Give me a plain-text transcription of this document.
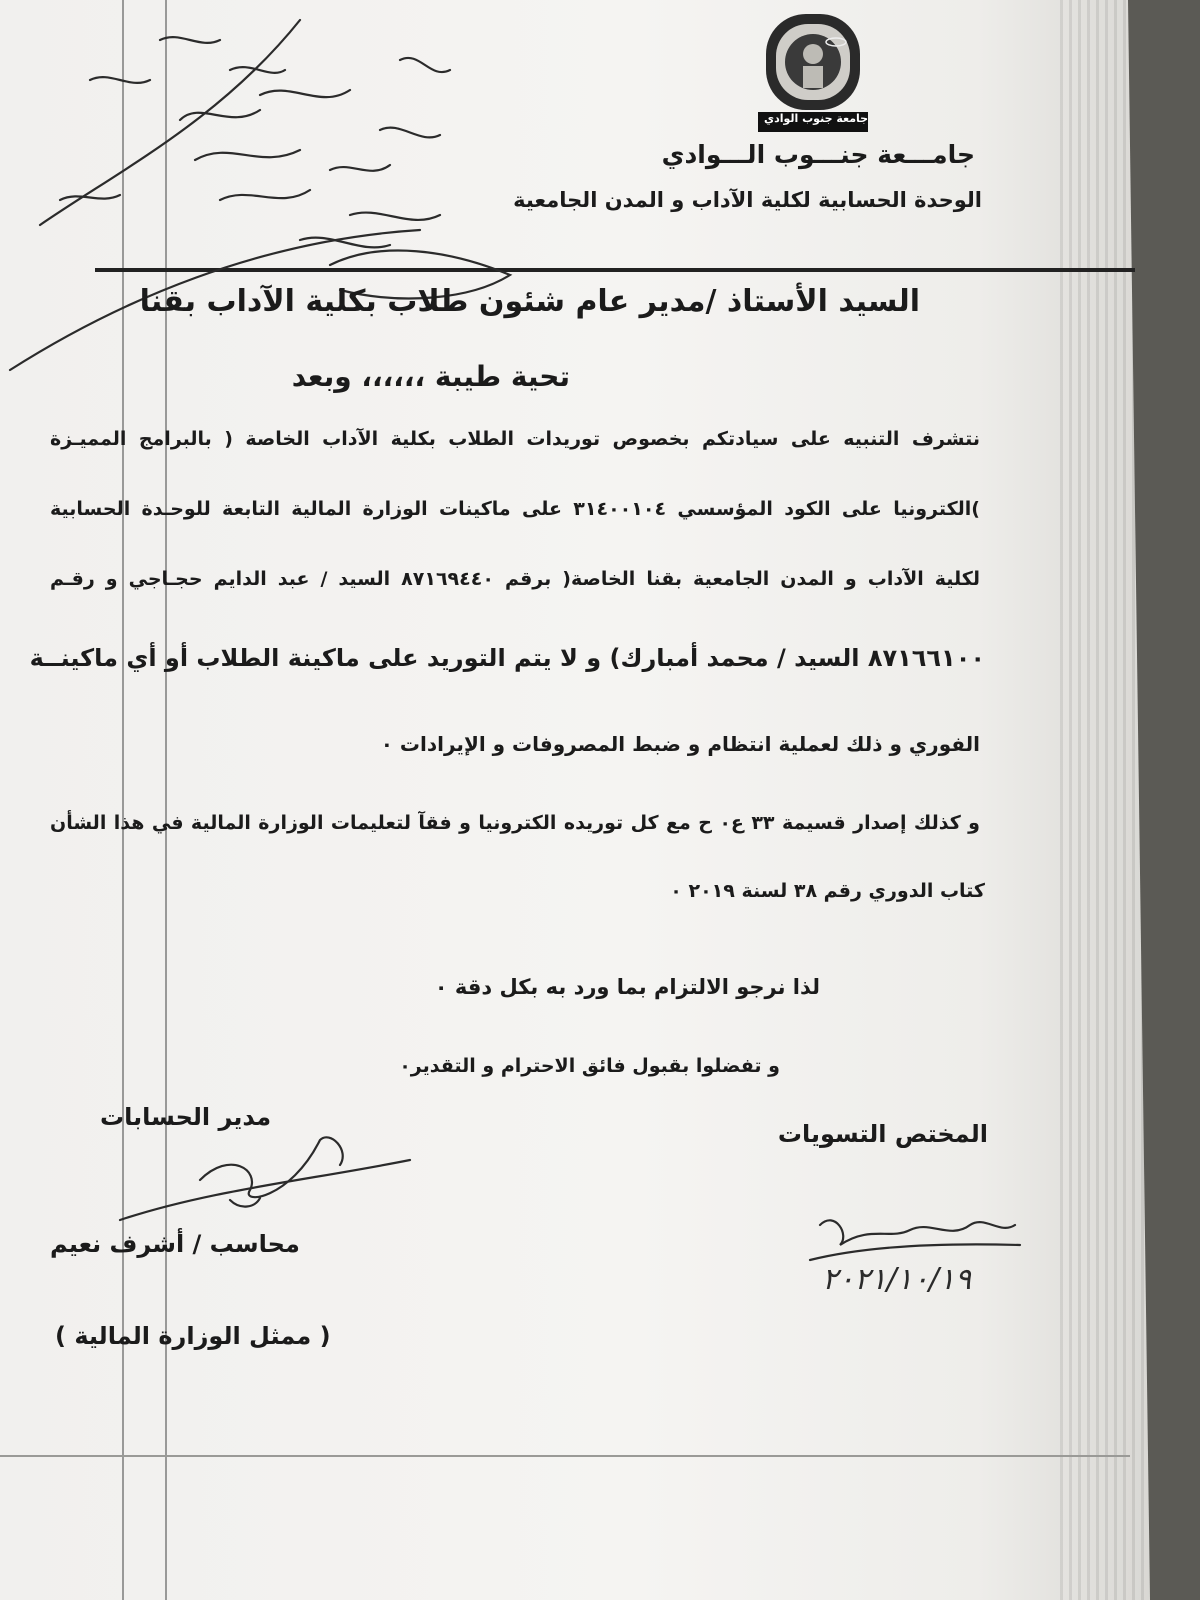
جامعة جنوب الوادي
جامـــعة جنـــوب الـــوادي
الوحدة الحسابية لكلية الآداب و المدن الجامعية
السيد الأستاذ /مدير عام شئون طلاب بكلية الآداب بقنا
تحية طيبة ،،،،،، وبعد
نتشرف التنبيه على سيادتكم بخصوص توريدات الطلاب بكلية الآداب الخاصة ( بالبرامج المميـزة
)الكترونيا على الكود المؤسسي ٣١٤٠٠١٠٤ على ماكينات الوزارة المالية التابعة للوحـدة الحسابية
لكلية الآداب و المدن الجامعية بقنا الخاصة( برقم ٨٧١٦٩٤٤٠ السيد / عبد الدايم حجـاجي و رقـم
٨٧١٦٦١٠٠ السيد / محمد أمبارك) و لا يتم التوريد على ماكينة الطلاب أو أي ماكينــة
الفوري و ذلك لعملية انتظام و ضبط المصروفات و الإيرادات ٠
و كذلك إصدار قسيمة ٣٣ ع٠ ح مع كل توريده الكترونيا و فقآ لتعليمات الوزارة المالية في هذا الشأن
كتاب الدوري رقم ٣٨ لسنة ٢٠١٩ ٠
لذا نرجو الالتزام بما ورد به بكل دقة ٠
و تفضلوا بقبول فائق الاحترام و التقدير٠
المختص التسويات
مدير الحسابات
محاسب / أشرف نعيم
( ممثل الوزارة المالية )
٢٠٢١/١٠/١٩
